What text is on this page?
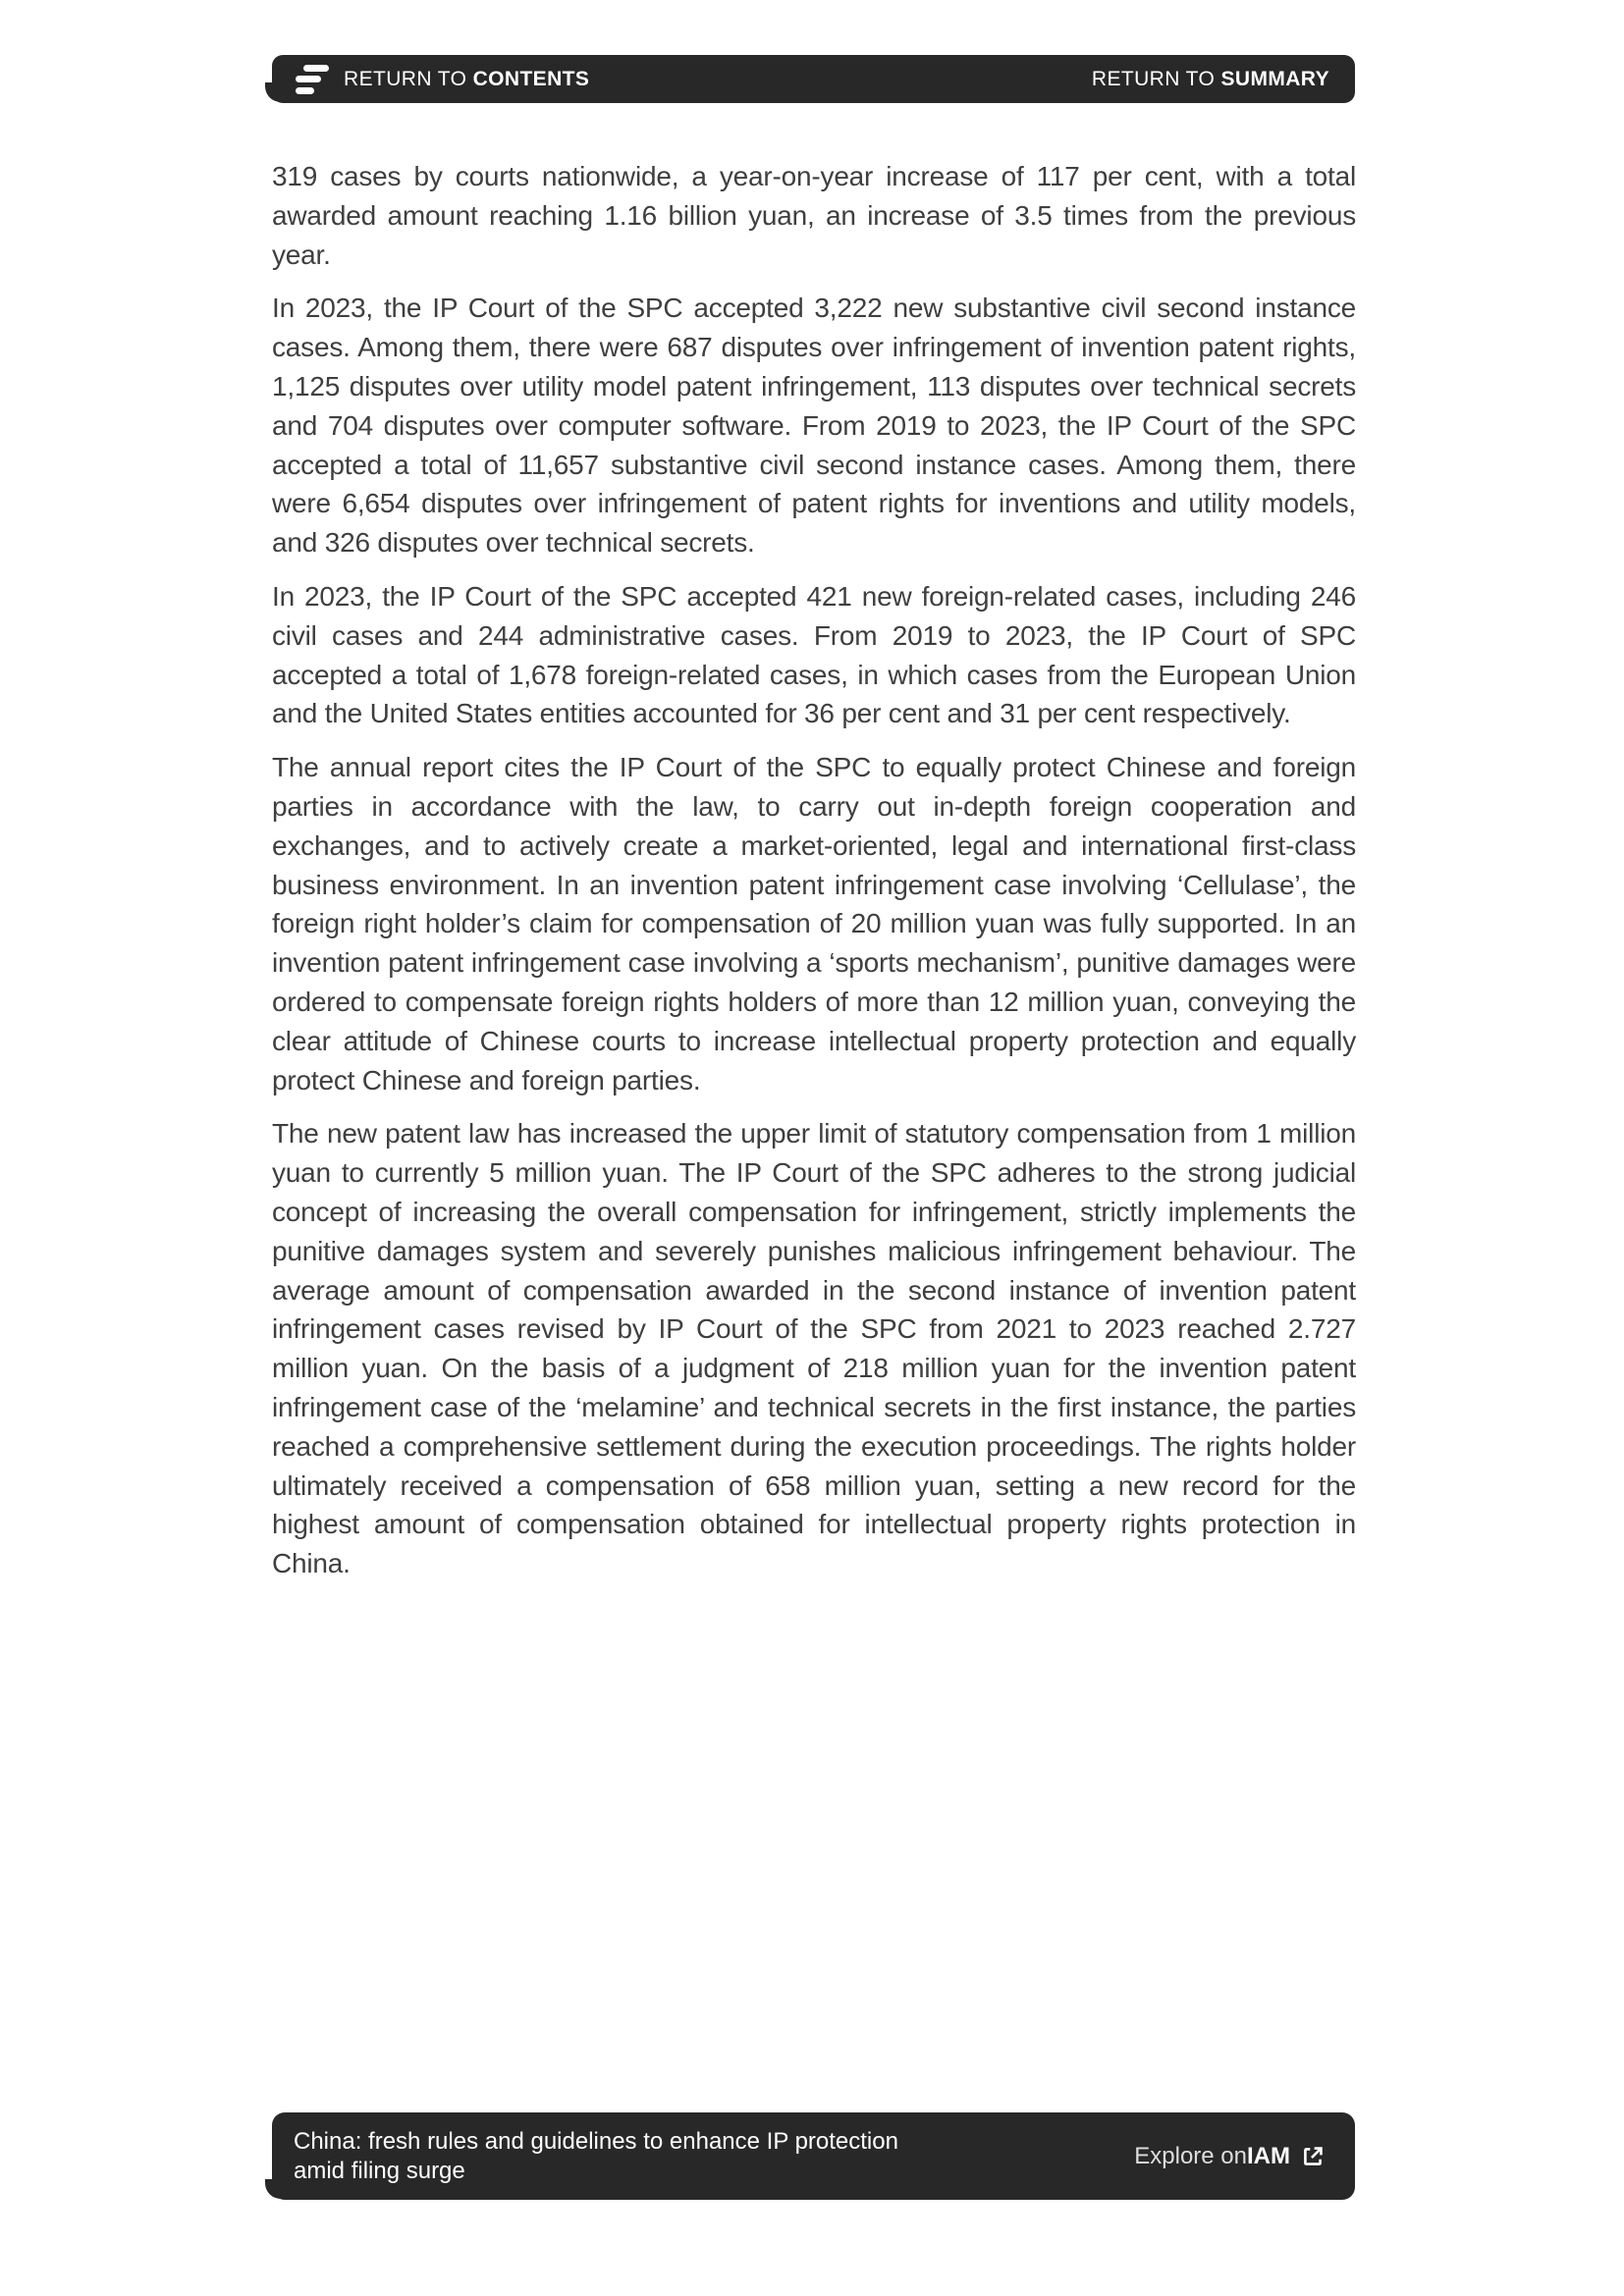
RETURN TO CONTENTS	RETURN TO SUMMARY

319 cases by courts nationwide, a year-on-year increase of 117 per cent, with a total awarded amount reaching 1.16 billion yuan, an increase of 3.5 times from the previous year.

In 2023, the IP Court of the SPC accepted 3,222 new substantive civil second instance cases. Among them, there were 687 disputes over infringement of invention patent rights, 1,125 disputes over utility model patent infringement, 113 disputes over technical secrets and 704 disputes over computer software. From 2019 to 2023, the IP Court of the SPC accepted a total of 11,657 substantive civil second instance cases. Among them, there were 6,654 disputes over infringement of patent rights for inventions and utility models, and 326 disputes over technical secrets.

In 2023, the IP Court of the SPC accepted 421 new foreign-related cases, including 246 civil cases and 244 administrative cases. From 2019 to 2023, the IP Court of SPC accepted a total of 1,678 foreign-related cases, in which cases from the European Union and the United States entities accounted for 36 per cent and 31 per cent respectively.

The annual report cites the IP Court of the SPC to equally protect Chinese and foreign parties in accordance with the law, to carry out in-depth foreign cooperation and exchanges, and to actively create a market-oriented, legal and international first-class business environment. In an invention patent infringement case involving ‘Cellulase’, the foreign right holder’s claim for compensation of 20 million yuan was fully supported. In an invention patent infringement case involving a ‘sports mechanism’, punitive damages were ordered to compensate foreign rights holders of more than 12 million yuan, conveying the clear attitude of Chinese courts to increase intellectual property protection and equally protect Chinese and foreign parties.

The new patent law has increased the upper limit of statutory compensation from 1 million yuan to currently 5 million yuan. The IP Court of the SPC adheres to the strong judicial concept of increasing the overall compensation for infringement, strictly implements the punitive damages system and severely punishes malicious infringement behaviour. The average amount of compensation awarded in the second instance of invention patent infringement cases revised by IP Court of the SPC from 2021 to 2023 reached 2.727 million yuan. On the basis of a judgment of 218 million yuan for the invention patent infringement case of the ‘melamine’ and technical secrets in the first instance, the parties reached a comprehensive settlement during the execution proceedings. The rights holder ultimately received a compensation of 658 million yuan, setting a new record for the highest amount of compensation obtained for intellectual property rights protection in China.

China: fresh rules and guidelines to enhance IP protection amid filing surge
Explore on IAM
